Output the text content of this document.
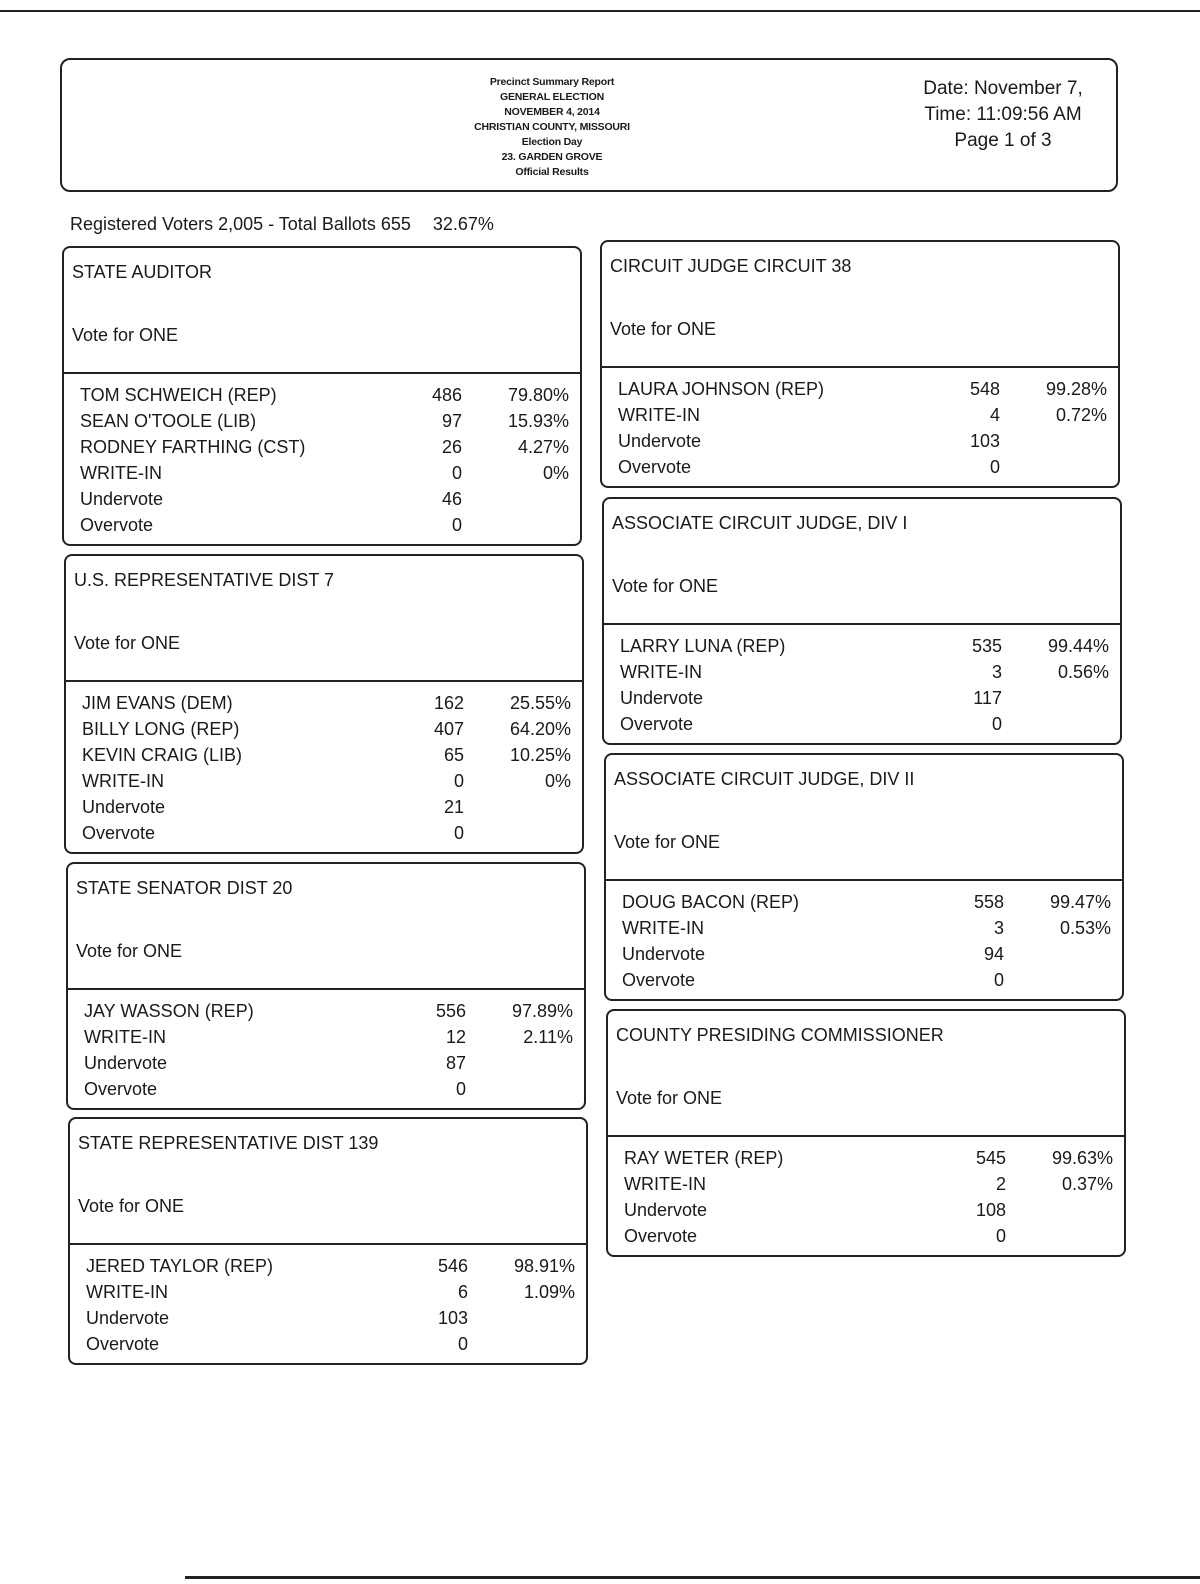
Precinct Summary Report
GENERAL ELECTION
NOVEMBER 4, 2014
CHRISTIAN COUNTY, MISSOURI
Election Day
23. GARDEN GROVE
Official Results
Date: November 7,
Time: 11:09:56 AM
Page 1 of 3
Registered Voters 2,005 - Total Ballots 655 32.67%
STATE AUDITOR
Vote for ONE
TOM SCHWEICH (REP)	486	79.80%
SEAN O'TOOLE (LIB)	97	15.93%
RODNEY FARTHING (CST)	26	4.27%
WRITE-IN	0	0%
Undervote	46
Overvote	0
U.S. REPRESENTATIVE DIST 7
Vote for ONE
JIM EVANS (DEM)	162	25.55%
BILLY LONG (REP)	407	64.20%
KEVIN CRAIG (LIB)	65	10.25%
WRITE-IN	0	0%
Undervote	21
Overvote	0
STATE SENATOR DIST 20
Vote for ONE
JAY WASSON (REP)	556	97.89%
WRITE-IN	12	2.11%
Undervote	87
Overvote	0
STATE REPRESENTATIVE DIST 139
Vote for ONE
JERED TAYLOR (REP)	546	98.91%
WRITE-IN	6	1.09%
Undervote	103
Overvote	0
CIRCUIT JUDGE CIRCUIT 38
Vote for ONE
LAURA JOHNSON (REP)	548	99.28%
WRITE-IN	4	0.72%
Undervote	103
Overvote	0
ASSOCIATE CIRCUIT JUDGE, DIV I
Vote for ONE
LARRY LUNA (REP)	535	99.44%
WRITE-IN	3	0.56%
Undervote	117
Overvote	0
ASSOCIATE CIRCUIT JUDGE, DIV II
Vote for ONE
DOUG BACON (REP)	558	99.47%
WRITE-IN	3	0.53%
Undervote	94
Overvote	0
COUNTY PRESIDING COMMISSIONER
Vote for ONE
RAY WETER (REP)	545	99.63%
WRITE-IN	2	0.37%
Undervote	108
Overvote	0
